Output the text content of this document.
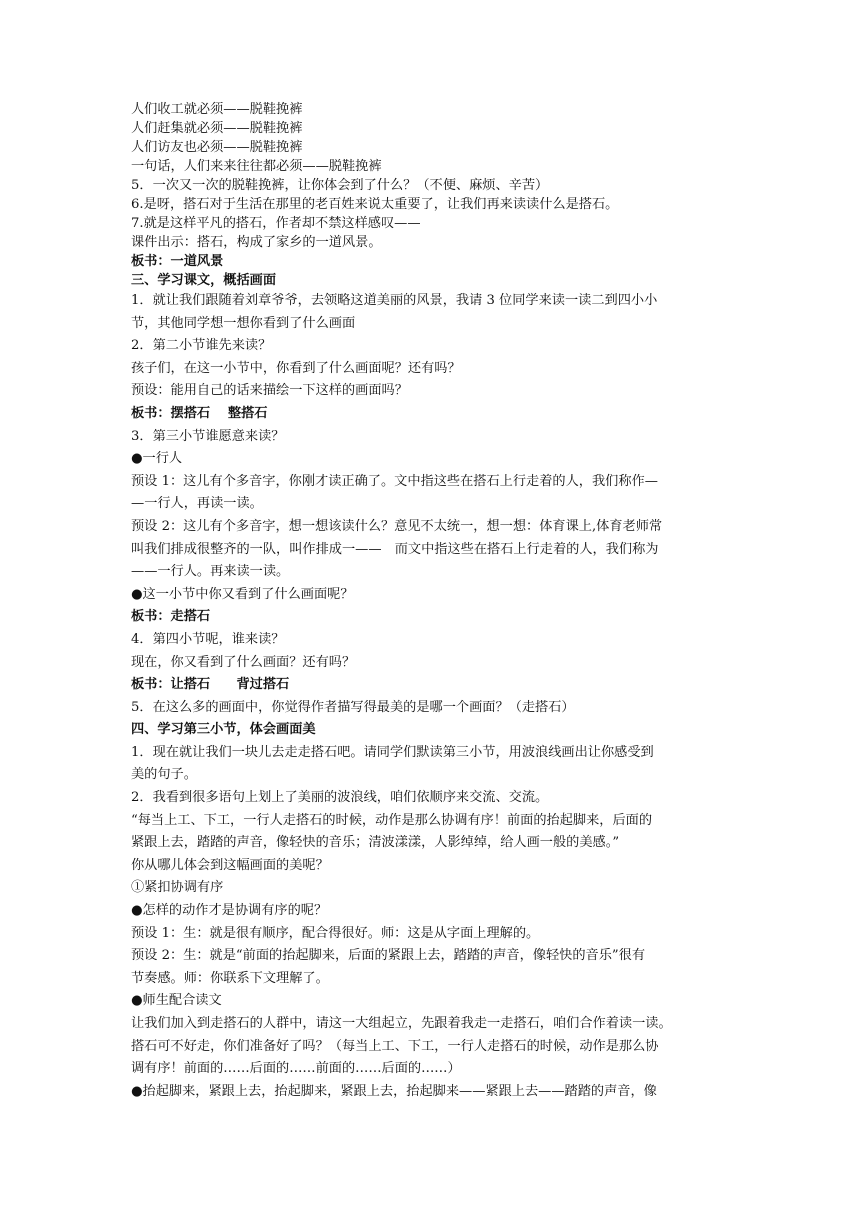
人们收工就必须——脱鞋挽裤
人们赶集就必须——脱鞋挽裤
人们访友也必须——脱鞋挽裤
一句话，人们来来往往都必须——脱鞋挽裤
5．一次又一次的脱鞋挽裤，让你体会到了什么？（不便、麻烦、辛苦）
6.是呀，搭石对于生活在那里的老百姓来说太重要了，让我们再来读读什么是搭石。
7.就是这样平凡的搭石，作者却不禁这样感叹——
课件出示：搭石，构成了家乡的一道风景。
板书：一道风景
三、学习课文，概括画面
1．就让我们跟随着刘章爷爷，去领略这道美丽的风景，我请 3 位同学来读一读二到四小小
节，其他同学想一想你看到了什么画面
2．第二小节谁先来读？
孩子们，在这一小节中，你看到了什么画面呢？还有吗？
预设：能用自己的话来描绘一下这样的画面吗？
板书：摆搭石　 整搭石
3．第三小节谁愿意来读？
●一行人
预设 1：这儿有个多音字，你刚才读正确了。文中指这些在搭石上行走着的人，我们称作—
—一行人，再读一读。
预设 2：这儿有个多音字，想一想该读什么？意见不太统一，想一想：体育课上,体育老师常
叫我们排成很整齐的一队，叫作排成一——　而文中指这些在搭石上行走着的人，我们称为
——一行人。再来读一读。
●这一小节中你又看到了什么画面呢？
板书：走搭石
4．第四小节呢，谁来读？
现在，你又看到了什么画面？还有吗？
板书：让搭石　　背过搭石
5．在这么多的画面中，你觉得作者描写得最美的是哪一个画面？（走搭石）
四、学习第三小节，体会画面美
1．现在就让我们一块儿去走走搭石吧。请同学们默读第三小节，用波浪线画出让你感受到
美的句子。
2．我看到很多语句上划上了美丽的波浪线，咱们依顺序来交流、交流。
“每当上工、下工，一行人走搭石的时候，动作是那么协调有序！前面的抬起脚来，后面的
紧跟上去，踏踏的声音，像轻快的音乐；清波漾漾，人影绰绰，给人画一般的美感。”
你从哪儿体会到这幅画面的美呢？
①紧扣协调有序
●怎样的动作才是协调有序的呢？
预设 1：生：就是很有顺序，配合得很好。师：这是从字面上理解的。
预设 2：生：就是“前面的抬起脚来，后面的紧跟上去，踏踏的声音，像轻快的音乐”很有
节奏感。师：你联系下文理解了。
●师生配合读文
让我们加入到走搭石的人群中，请这一大组起立，先跟着我走一走搭石，咱们合作着读一读。
搭石可不好走，你们准备好了吗？（每当上工、下工，一行人走搭石的时候，动作是那么协
调有序！前面的……后面的……前面的……后面的……）
●抬起脚来，紧跟上去，抬起脚来，紧跟上去，抬起脚来——紧跟上去——踏踏的声音，像
